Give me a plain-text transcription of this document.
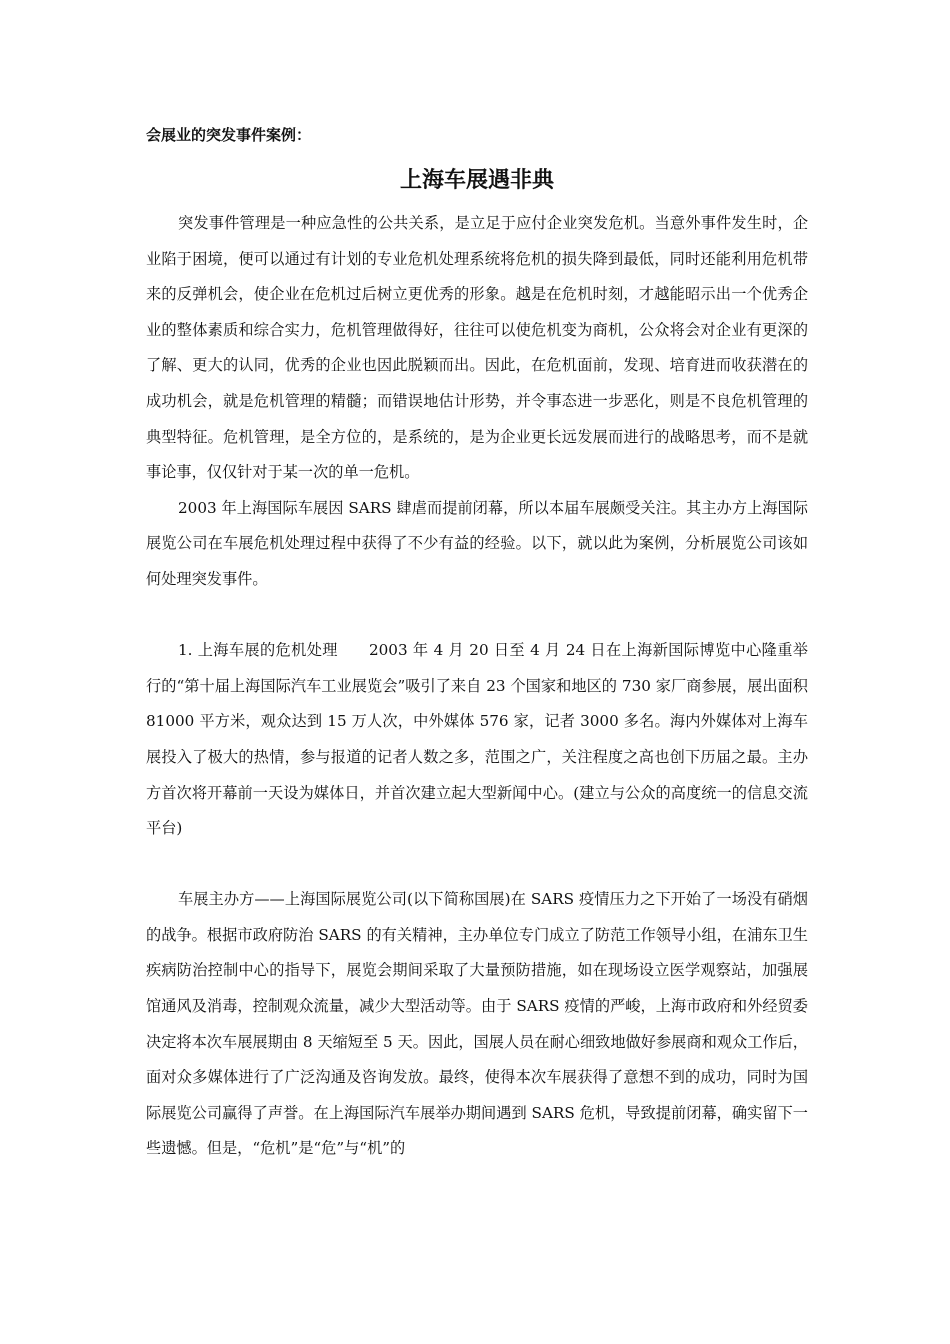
会展业的突发事件案例：

上海车展遇非典

突发事件管理是一种应急性的公共关系，是立足于应付企业突发危机。当意外事件发生时，企业陷于困境，便可以通过有计划的专业危机处理系统将危机的损失降到最低，同时还能利用危机带来的反弹机会，使企业在危机过后树立更优秀的形象。越是在危机时刻，才越能昭示出一个优秀企业的整体素质和综合实力，危机管理做得好，往往可以使危机变为商机，公众将会对企业有更深的了解、更大的认同，优秀的企业也因此脱颖而出。因此，在危机面前，发现、培育进而收获潜在的成功机会，就是危机管理的精髓；而错误地估计形势，并令事态进一步恶化，则是不良危机管理的典型特征。危机管理，是全方位的，是系统的，是为企业更长远发展而进行的战略思考，而不是就事论事，仅仅针对于某一次的单一危机。

2003 年上海国际车展因 SARS 肆虐而提前闭幕，所以本届车展颇受关注。其主办方上海国际展览公司在车展危机处理过程中获得了不少有益的经验。以下，就以此为案例，分析展览公司该如何处理突发事件。

1. 上海车展的危机处理　　2003 年 4 月 20 日至 4 月 24 日在上海新国际博览中心隆重举行的“第十届上海国际汽车工业展览会”吸引了来自 23 个国家和地区的 730 家厂商参展，展出面积 81000 平方米，观众达到 15 万人次，中外媒体 576 家，记者 3000 多名。海内外媒体对上海车展投入了极大的热情，参与报道的记者人数之多，范围之广，关注程度之高也创下历届之最。主办方首次将开幕前一天设为媒体日，并首次建立起大型新闻中心。(建立与公众的高度统一的信息交流平台)

车展主办方——上海国际展览公司(以下简称国展)在 SARS 疫情压力之下开始了一场没有硝烟的战争。根据市政府防治 SARS 的有关精神，主办单位专门成立了防范工作领导小组，在浦东卫生疾病防治控制中心的指导下，展览会期间采取了大量预防措施，如在现场设立医学观察站，加强展馆通风及消毒，控制观众流量，减少大型活动等。由于 SARS 疫情的严峻，上海市政府和外经贸委决定将本次车展展期由 8 天缩短至 5 天。因此，国展人员在耐心细致地做好参展商和观众工作后，面对众多媒体进行了广泛沟通及咨询发放。最终，使得本次车展获得了意想不到的成功，同时为国际展览公司赢得了声誉。在上海国际汽车展举办期间遇到 SARS 危机，导致提前闭幕，确实留下一些遗憾。但是，“危机”是“危”与“机”的
